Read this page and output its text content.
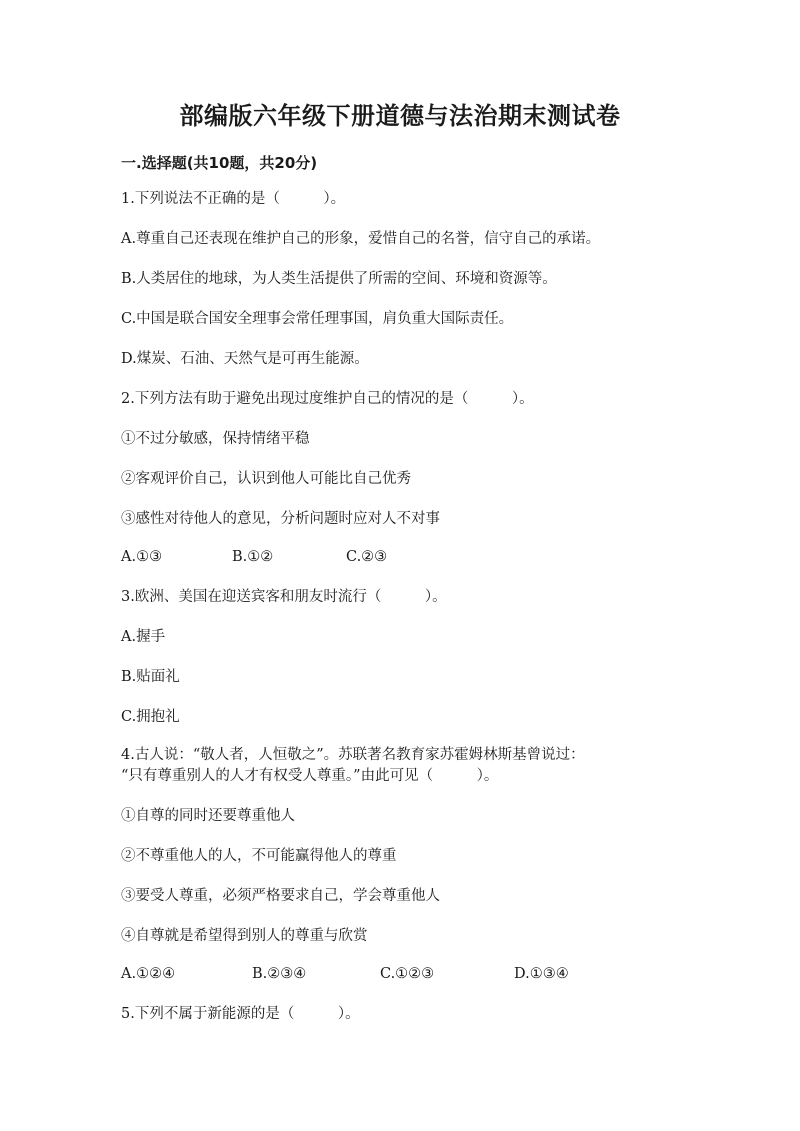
部编版六年级下册道德与法治期末测试卷
一.选择题(共10题，共20分)
1.下列说法不正确的是（　　　）。
A.尊重自己还表现在维护自己的形象，爱惜自己的名誉，信守自己的承诺。
B.人类居住的地球，为人类生活提供了所需的空间、环境和资源等。
C.中国是联合国安全理事会常任理事国，肩负重大国际责任。
D.煤炭、石油、天然气是可再生能源。
2.下列方法有助于避免出现过度维护自己的情况的是（　　　）。
①不过分敏感，保持情绪平稳
②客观评价自己，认识到他人可能比自己优秀
③感性对待他人的意见，分析问题时应对人不对事
A.①③	B.①②	C.②③
3.欧洲、美国在迎送宾客和朋友时流行（　　　）。
A.握手
B.贴面礼
C.拥抱礼
4.古人说：“敬人者，人恒敬之”。苏联著名教育家苏霍姆林斯基曾说过：
“只有尊重别人的人才有权受人尊重。”由此可见（　　　）。
①自尊的同时还要尊重他人
②不尊重他人的人，不可能赢得他人的尊重
③要受人尊重，必须严格要求自己，学会尊重他人
④自尊就是希望得到别人的尊重与欣赏
A.①②④	B.②③④	C.①②③	D.①③④
5.下列不属于新能源的是（　　　）。
